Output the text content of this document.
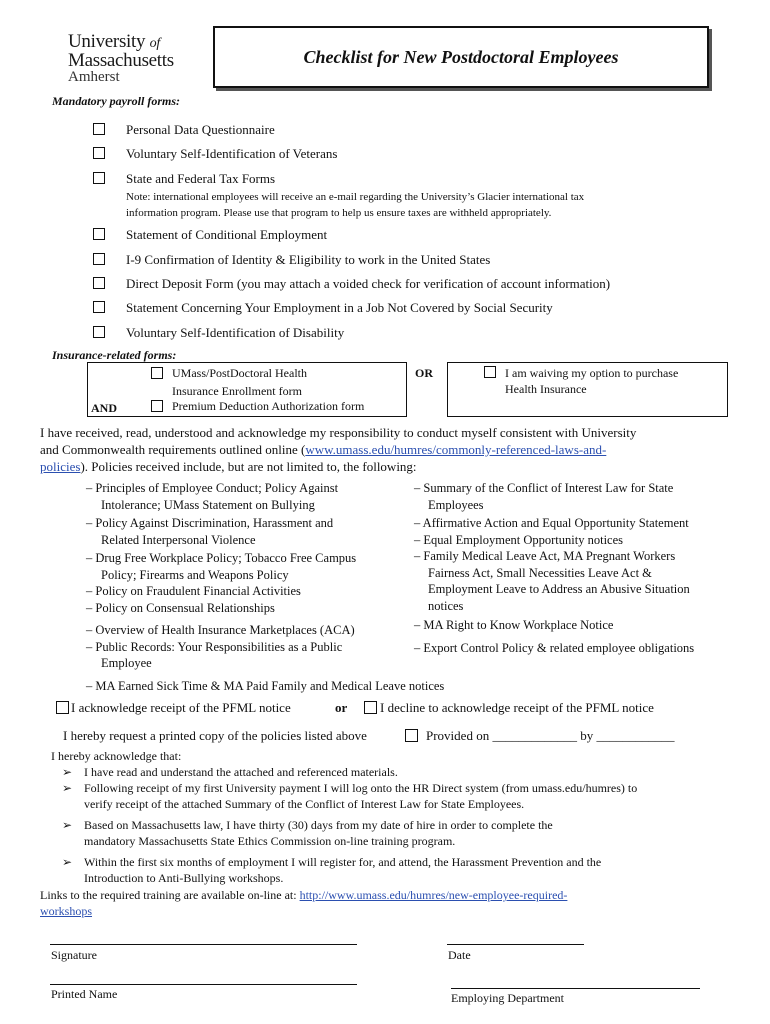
University of
Massachusetts
Amherst
Checklist for New Postdoctoral Employees
Mandatory payroll forms:
Personal Data Questionnaire
Voluntary Self-Identification of Veterans
State and Federal Tax Forms
Note: international employees will receive an e-mail regarding the University’s Glacier international tax
information program. Please use that program to help us ensure taxes are withheld appropriately.
Statement of Conditional Employment
I-9 Confirmation of Identity & Eligibility to work in the United States
Direct Deposit Form (you may attach a voided check for verification of account information)
Statement Concerning Your Employment in a Job Not Covered by Social Security
Voluntary Self-Identification of Disability
Insurance-related forms:
UMass/PostDoctoral Health
Insurance Enrollment form
AND	Premium Deduction Authorization form
OR	I am waiving my option to purchase
Health Insurance
I have received, read, understood and acknowledge my responsibility to conduct myself consistent with University
and Commonwealth requirements outlined online (www.umass.edu/humres/commonly-referenced-laws-and-
policies). Policies received include, but are not limited to, the following:
– Principles of Employee Conduct; Policy Against
Intolerance; UMass Statement on Bullying
– Policy Against Discrimination, Harassment and
Related Interpersonal Violence
– Drug Free Workplace Policy; Tobacco Free Campus
Policy; Firearms and Weapons Policy
– Policy on Fraudulent Financial Activities
– Policy on Consensual Relationships
– Overview of Health Insurance Marketplaces (ACA)
– Public Records: Your Responsibilities as a Public
Employee
– Summary of the Conflict of Interest Law for State
Employees
– Affirmative Action and Equal Opportunity Statement
– Equal Employment Opportunity notices
– Family Medical Leave Act, MA Pregnant Workers
Fairness Act, Small Necessities Leave Act &
Employment Leave to Address an Abusive Situation
notices
– MA Right to Know Workplace Notice
– Export Control Policy & related employee obligations
– MA Earned Sick Time & MA Paid Family and Medical Leave notices
I acknowledge receipt of the PFML notice	or	I decline to acknowledge receipt of the PFML notice
I hereby request a printed copy of the policies listed above	Provided on _____________ by ____________
I hereby acknowledge that:
➢ I have read and understand the attached and referenced materials.
➢ Following receipt of my first University payment I will log onto the HR Direct system (from umass.edu/humres) to
verify receipt of the attached Summary of the Conflict of Interest Law for State Employees.
➢ Based on Massachusetts law, I have thirty (30) days from my date of hire in order to complete the
mandatory Massachusetts State Ethics Commission on-line training program.
➢ Within the first six months of employment I will register for, and attend, the Harassment Prevention and the
Introduction to Anti-Bullying workshops.
Links to the required training are available on-line at: http://www.umass.edu/humres/new-employee-required-
workshops
Signature	Date
Printed Name	Employing Department
